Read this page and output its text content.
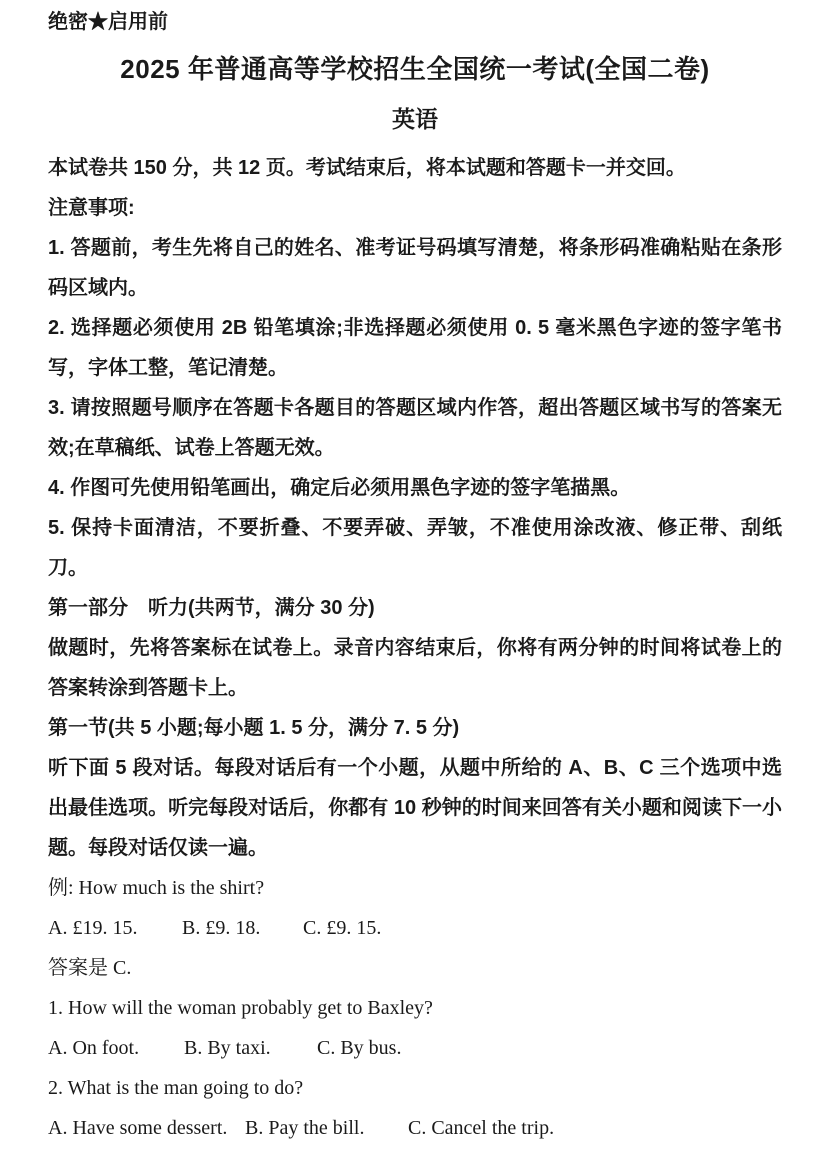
绝密★启用前
2025 年普通高等学校招生全国统一考试(全国二卷)
英语

本试卷共 150 分，共 12 页。考试结束后，将本试题和答题卡一并交回。

注意事项:

1. 答题前，考生先将自己的姓名、准考证号码填写清楚，将条形码准确粘贴在条形码区域内。

2. 选择题必须使用 2B 铅笔填涂;非选择题必须使用 0. 5 毫米黑色字迹的签字笔书写，字体工整，笔记清楚。

3. 请按照题号顺序在答题卡各题目的答题区域内作答，超出答题区域书写的答案无效;在草稿纸、试卷上答题无效。

4. 作图可先使用铅笔画出，确定后必须用黑色字迹的签字笔描黑。

5. 保持卡面清洁，不要折叠、不要弄破、弄皱，不准使用涂改液、修正带、刮纸刀。

第一部分　听力(共两节，满分 30 分)

做题时，先将答案标在试卷上。录音内容结束后，你将有两分钟的时间将试卷上的答案转涂到答题卡上。

第一节(共 5 小题;每小题 1. 5 分，满分 7. 5 分)

听下面 5 段对话。每段对话后有一个小题，从题中所给的 A、B、C 三个选项中选出最佳选项。听完每段对话后，你都有 10 秒钟的时间来回答有关小题和阅读下一小题。每段对话仅读一遍。

例: How much is the shirt?

A. £19. 15. B. £9. 18. C. £9. 15.

答案是 C.

1. How will the woman probably get to Baxley?

A. On foot. B. By taxi. C. By bus.

2. What is the man going to do?

A. Have some dessert. B. Pay the bill. C. Cancel the trip.
